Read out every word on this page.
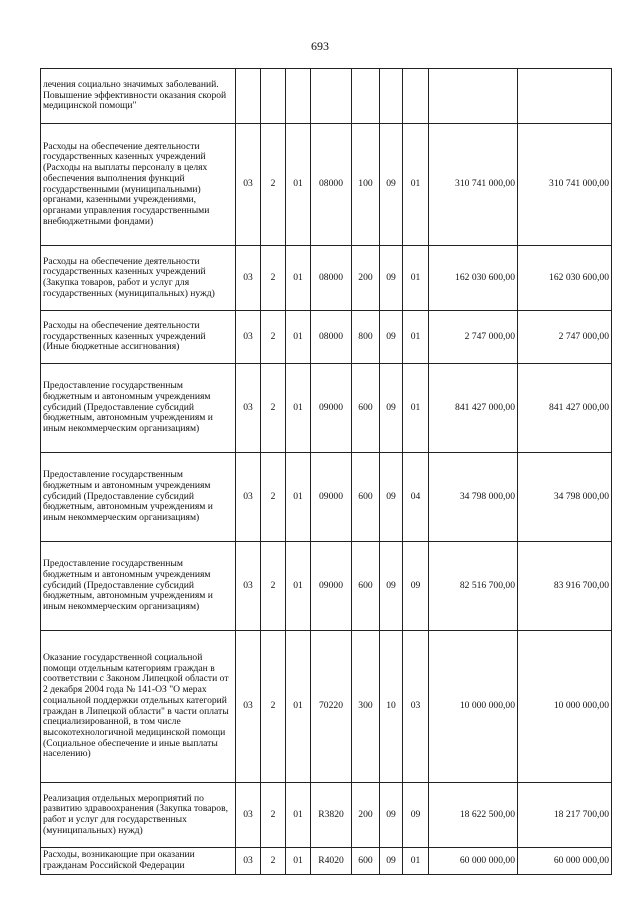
693
лечения социально значимых заболеваний. Повышение эффективности оказания скорой медицинской помощи"									
Расходы на обеспечение деятельности государственных казенных учреждений (Расходы на выплаты персоналу в целях обеспечения выполнения функций государственными (муниципальными) органами, казенными учреждениями, органами управления государственными внебюджетными фондами)	03	2	01	08000	100	09	01	310 741 000,00	310 741 000,00
Расходы на обеспечение деятельности государственных казенных учреждений (Закупка товаров, работ и услуг для государственных (муниципальных) нужд)	03	2	01	08000	200	09	01	162 030 600,00	162 030 600,00
Расходы на обеспечение деятельности государственных казенных учреждений (Иные бюджетные ассигнования)	03	2	01	08000	800	09	01	2 747 000,00	2 747 000,00
Предоставление государственным бюджетным и автономным учреждениям субсидий (Предоставление субсидий бюджетным, автономным учреждениям и иным некоммерческим организациям)	03	2	01	09000	600	09	01	841 427 000,00	841 427 000,00
Предоставление государственным бюджетным и автономным учреждениям субсидий (Предоставление субсидий бюджетным, автономным учреждениям и иным некоммерческим организациям)	03	2	01	09000	600	09	04	34 798 000,00	34 798 000,00
Предоставление государственным бюджетным и автономным учреждениям субсидий (Предоставление субсидий бюджетным, автономным учреждениям и иным некоммерческим организациям)	03	2	01	09000	600	09	09	82 516 700,00	83 916 700,00
Оказание государственной социальной помощи отдельным категориям граждан в соответствии с Законом Липецкой области от 2 декабря 2004 года № 141-ОЗ "О мерах социальной поддержки отдельных категорий граждан в Липецкой области" в части оплаты специализированной, в том числе высокотехнологичной медицинской помощи (Социальное обеспечение и иные выплаты населению)	03	2	01	70220	300	10	03	10 000 000,00	10 000 000,00
Реализация отдельных мероприятий по развитию здравоохранения (Закупка товаров, работ и услуг для государственных (муниципальных) нужд)	03	2	01	R3820	200	09	09	18 622 500,00	18 217 700,00
Расходы, возникающие при оказании гражданам Российской Федерации	03	2	01	R4020	600	09	01	60 000 000,00	60 000 000,00
